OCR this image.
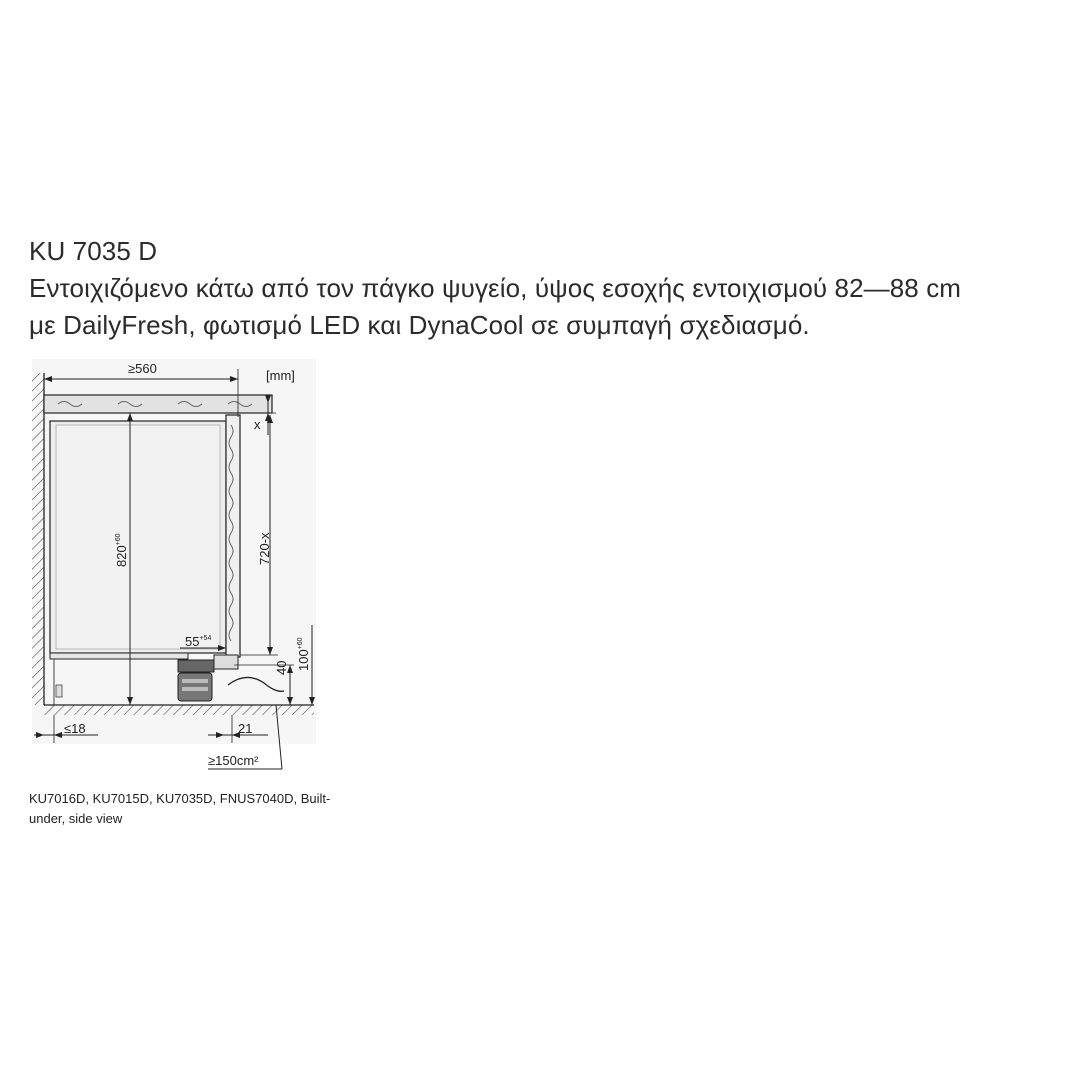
KU 7035 D
Εντοιχιζόμενο κάτω από τον πάγκο ψυγείο, ύψος εσοχής εντοιχισμού 82—88 cm
με DailyFresh, φωτισμό LED και DynaCool σε συμπαγή σχεδιασμό.
≥560	[mm]
x
720-x
$820^{+60}$
$55^{+54}$
40 $100^{+60}$
≤18	21
≥150cm²
KU7016D, KU7015D, KU7035D, FNUS7040D, Built-
under, side view
